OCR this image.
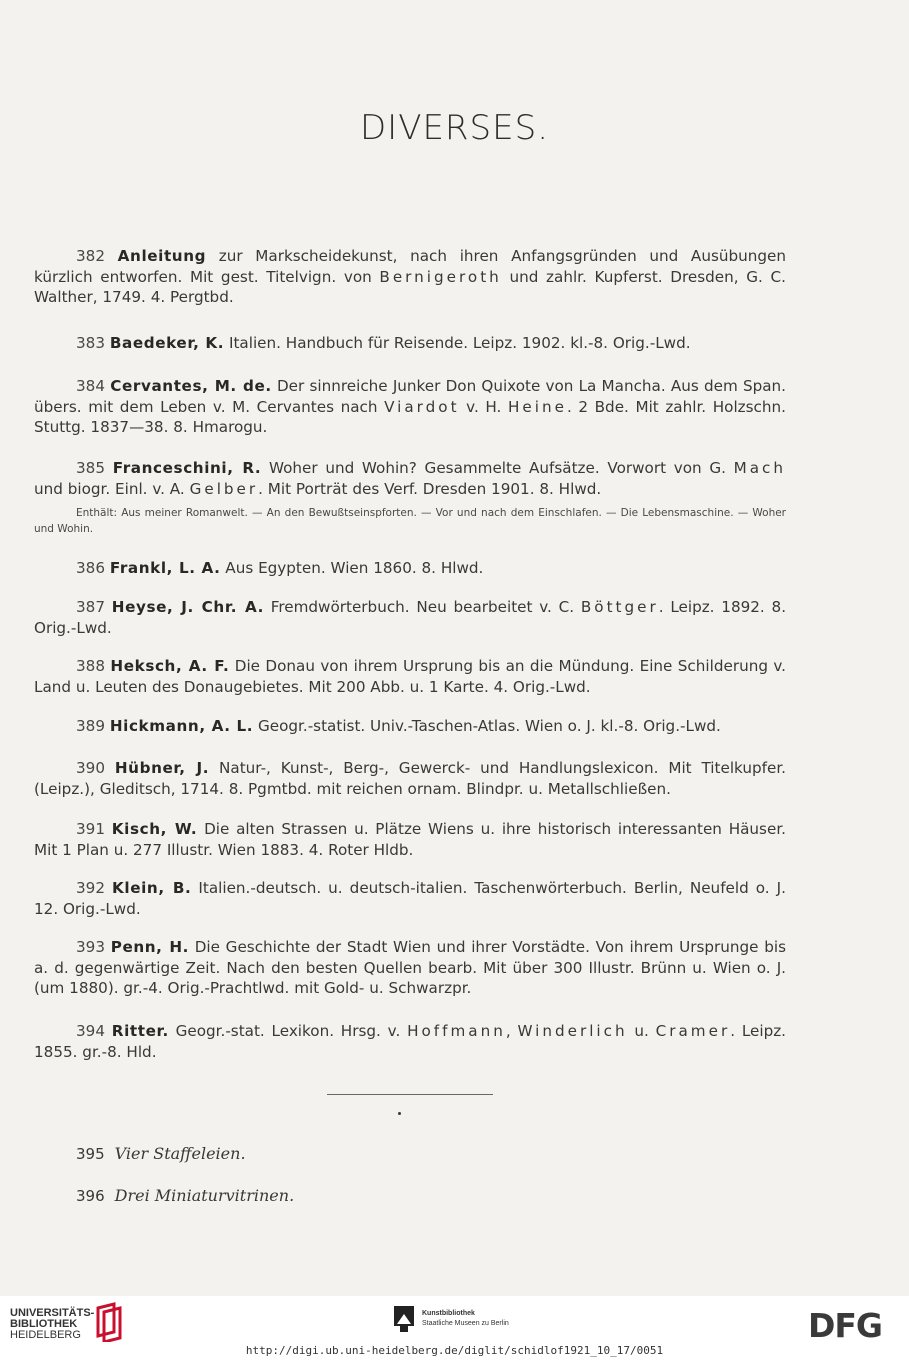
DIVERSES.
382 Anleitung zur Markscheidekunst, nach ihren Anfangsgründen und Ausübungen kürzlich entworfen. Mit gest. Titelvign. von Bernigeroth und zahlr. Kupferst. Dresden, G. C. Walther, 1749. 4. Pergtbd.
383 Baedeker, K. Italien. Handbuch für Reisende. Leipz. 1902. kl.-8. Orig.-Lwd.
384 Cervantes, M. de. Der sinnreiche Junker Don Quixote von La Mancha. Aus dem Span. übers. mit dem Leben v. M. Cervantes nach Viardot v. H. Heine. 2 Bde. Mit zahlr. Holzschn. Stuttg. 1837—38. 8. Hmarogu.
385 Franceschini, R. Woher und Wohin? Gesammelte Aufsätze. Vorwort von G. Mach und biogr. Einl. v. A. Gelber. Mit Porträt des Verf. Dresden 1901. 8. Hlwd.
Enthält: Aus meiner Romanwelt. — An den Bewußtseinspforten. — Vor und nach dem Einschlafen. — Die Lebensmaschine. — Woher und Wohin.
386 Frankl, L. A. Aus Egypten. Wien 1860. 8. Hlwd.
387 Heyse, J. Chr. A. Fremdwörterbuch. Neu bearbeitet v. C. Böttger. Leipz. 1892. 8. Orig.-Lwd.
388 Heksch, A. F. Die Donau von ihrem Ursprung bis an die Mündung. Eine Schilderung v. Land u. Leuten des Donaugebietes. Mit 200 Abb. u. 1 Karte. 4. Orig.-Lwd.
389 Hickmann, A. L. Geogr.-statist. Univ.-Taschen-Atlas. Wien o. J. kl.-8. Orig.-Lwd.
390 Hübner, J. Natur-, Kunst-, Berg-, Gewerck- und Handlungslexicon. Mit Titelkupfer. (Leipz.), Gleditsch, 1714. 8. Pgmtbd. mit reichen ornam. Blindpr. u. Metallschließen.
391 Kisch, W. Die alten Strassen u. Plätze Wiens u. ihre historisch interessanten Häuser. Mit 1 Plan u. 277 Illustr. Wien 1883. 4. Roter Hldb.
392 Klein, B. Italien.-deutsch. u. deutsch-italien. Taschenwörterbuch. Berlin, Neufeld o. J. 12. Orig.-Lwd.
393 Penn, H. Die Geschichte der Stadt Wien und ihrer Vorstädte. Von ihrem Ursprunge bis a. d. gegenwärtige Zeit. Nach den besten Quellen bearb. Mit über 300 Illustr. Brünn u. Wien o. J. (um 1880). gr.-4. Orig.-Prachtlwd. mit Gold- u. Schwarzpr.
394 Ritter. Geogr.-stat. Lexikon. Hrsg. v. Hoffmann, Winderlich u. Cramer. Leipz. 1855. gr.-8. Hld.
395 Vier Staffeleien.
396 Drei Miniaturvitrinen.
UNIVERSITÄTS-
BIBLIOTHEK
HEIDELBERG
Kunstbibliothek
Staatliche Museen zu Berlin	DFG
http://digi.ub.uni-heidelberg.de/diglit/schidlof1921_10_17/0051
